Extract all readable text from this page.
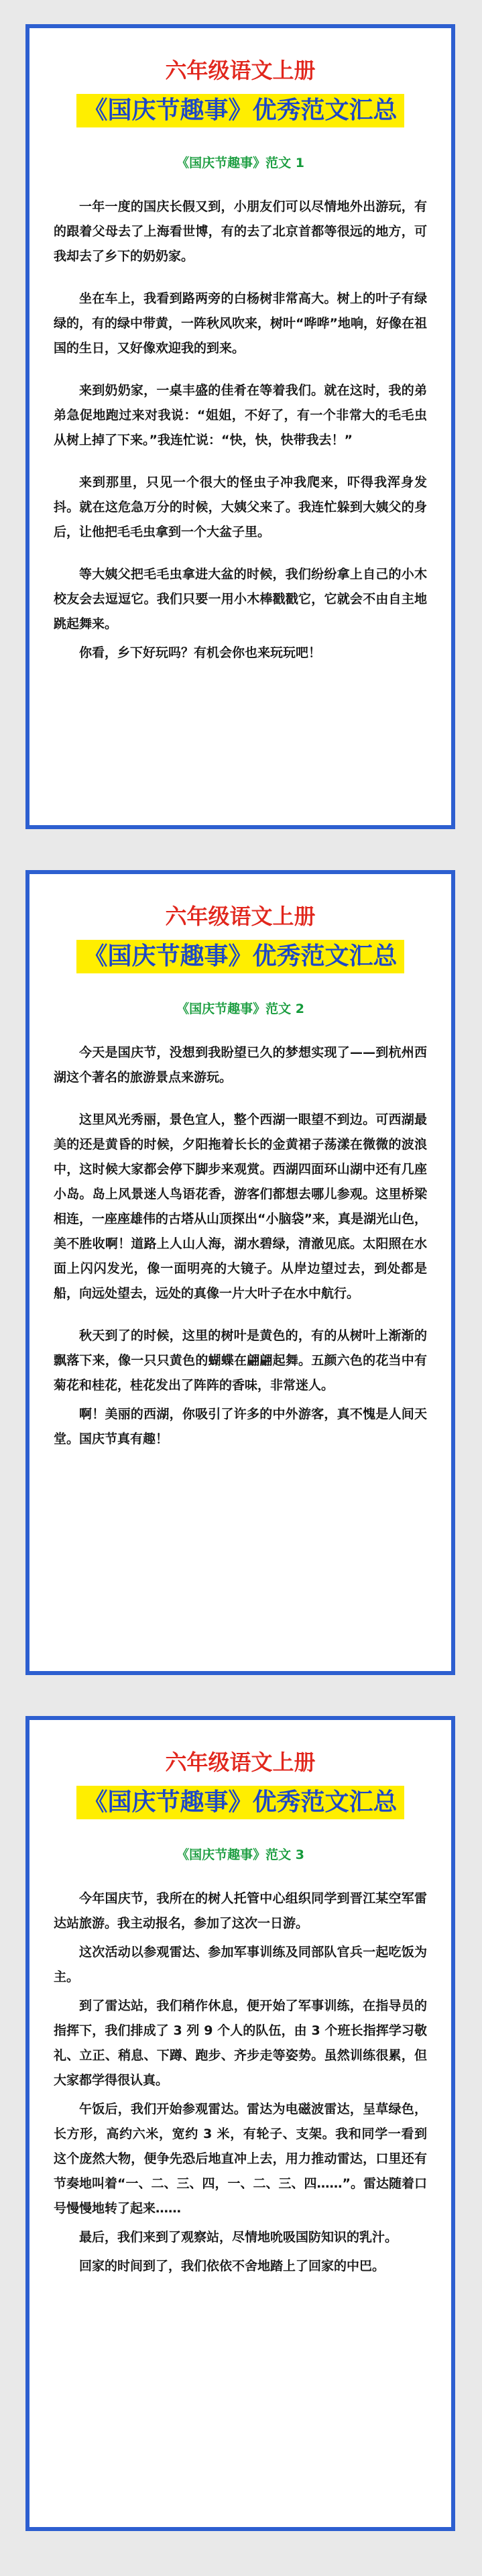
六年级语文上册
《国庆节趣事》优秀范文汇总
《国庆节趣事》范文 1

一年一度的国庆长假又到，小朋友们可以尽情地外出游玩，有的跟着父母去了上海看世博，有的去了北京首都等很远的地方，可我却去了乡下的奶奶家。

坐在车上，我看到路两旁的白杨树非常高大。树上的叶子有绿绿的，有的绿中带黄，一阵秋风吹来，树叶“哗哗”地响，好像在祖国的生日，又好像欢迎我的到来。

来到奶奶家，一桌丰盛的佳肴在等着我们。就在这时，我的弟弟急促地跑过来对我说：“姐姐，不好了，有一个非常大的毛毛虫从树上掉了下来。”我连忙说：“快，快，快带我去！”

来到那里，只见一个很大的怪虫子冲我爬来，吓得我浑身发抖。就在这危急万分的时候，大姨父来了。我连忙躲到大姨父的身后，让他把毛毛虫拿到一个大盆子里。

等大姨父把毛毛虫拿进大盆的时候，我们纷纷拿上自己的小木校友会去逗逗它。我们只要一用小木棒戳戳它，它就会不由自主地跳起舞来。

你看，乡下好玩吗？有机会你也来玩玩吧！

六年级语文上册
《国庆节趣事》优秀范文汇总
《国庆节趣事》范文 2

今天是国庆节，没想到我盼望已久的梦想实现了——到杭州西湖这个著名的旅游景点来游玩。

这里风光秀丽，景色宜人，整个西湖一眼望不到边。可西湖最美的还是黄昏的时候，夕阳拖着长长的金黄裙子荡漾在微微的波浪中，这时候大家都会停下脚步来观赏。西湖四面环山湖中还有几座小岛。岛上风景迷人鸟语花香，游客们都想去哪儿参观。这里桥梁相连，一座座雄伟的古塔从山顶探出“小脑袋”来，真是湖光山色，美不胜收啊！道路上人山人海，湖水碧绿，清澈见底。太阳照在水面上闪闪发光，像一面明亮的大镜子。从岸边望过去，到处都是船，向远处望去，远处的真像一片大叶子在水中航行。

秋天到了的时候，这里的树叶是黄色的，有的从树叶上渐渐的飘落下来，像一只只黄色的蝴蝶在翩翩起舞。五颜六色的花当中有菊花和桂花，桂花发出了阵阵的香味，非常迷人。

啊！美丽的西湖，你吸引了许多的中外游客，真不愧是人间天堂。国庆节真有趣！

六年级语文上册
《国庆节趣事》优秀范文汇总
《国庆节趣事》范文 3

今年国庆节，我所在的树人托管中心组织同学到晋江某空军雷达站旅游。我主动报名，参加了这次一日游。

这次活动以参观雷达、参加军事训练及同部队官兵一起吃饭为主。

到了雷达站，我们稍作休息，便开始了军事训练，在指导员的指挥下，我们排成了 3 列 9 个人的队伍，由 3 个班长指挥学习敬礼、立正、稍息、下蹲、跑步、齐步走等姿势。虽然训练很累，但大家都学得很认真。

午饭后，我们开始参观雷达。雷达为电磁波雷达，呈草绿色，长方形，高约六米，宽约 3 米，有轮子、支架。我和同学一看到这个庞然大物，便争先恐后地直冲上去，用力推动雷达，口里还有节奏地叫着“一、二、三、四，一、二、三、四……”。雷达随着口号慢慢地转了起来……

最后，我们来到了观察站，尽情地吮吸国防知识的乳汁。

回家的时间到了，我们依依不舍地踏上了回家的中巴。
